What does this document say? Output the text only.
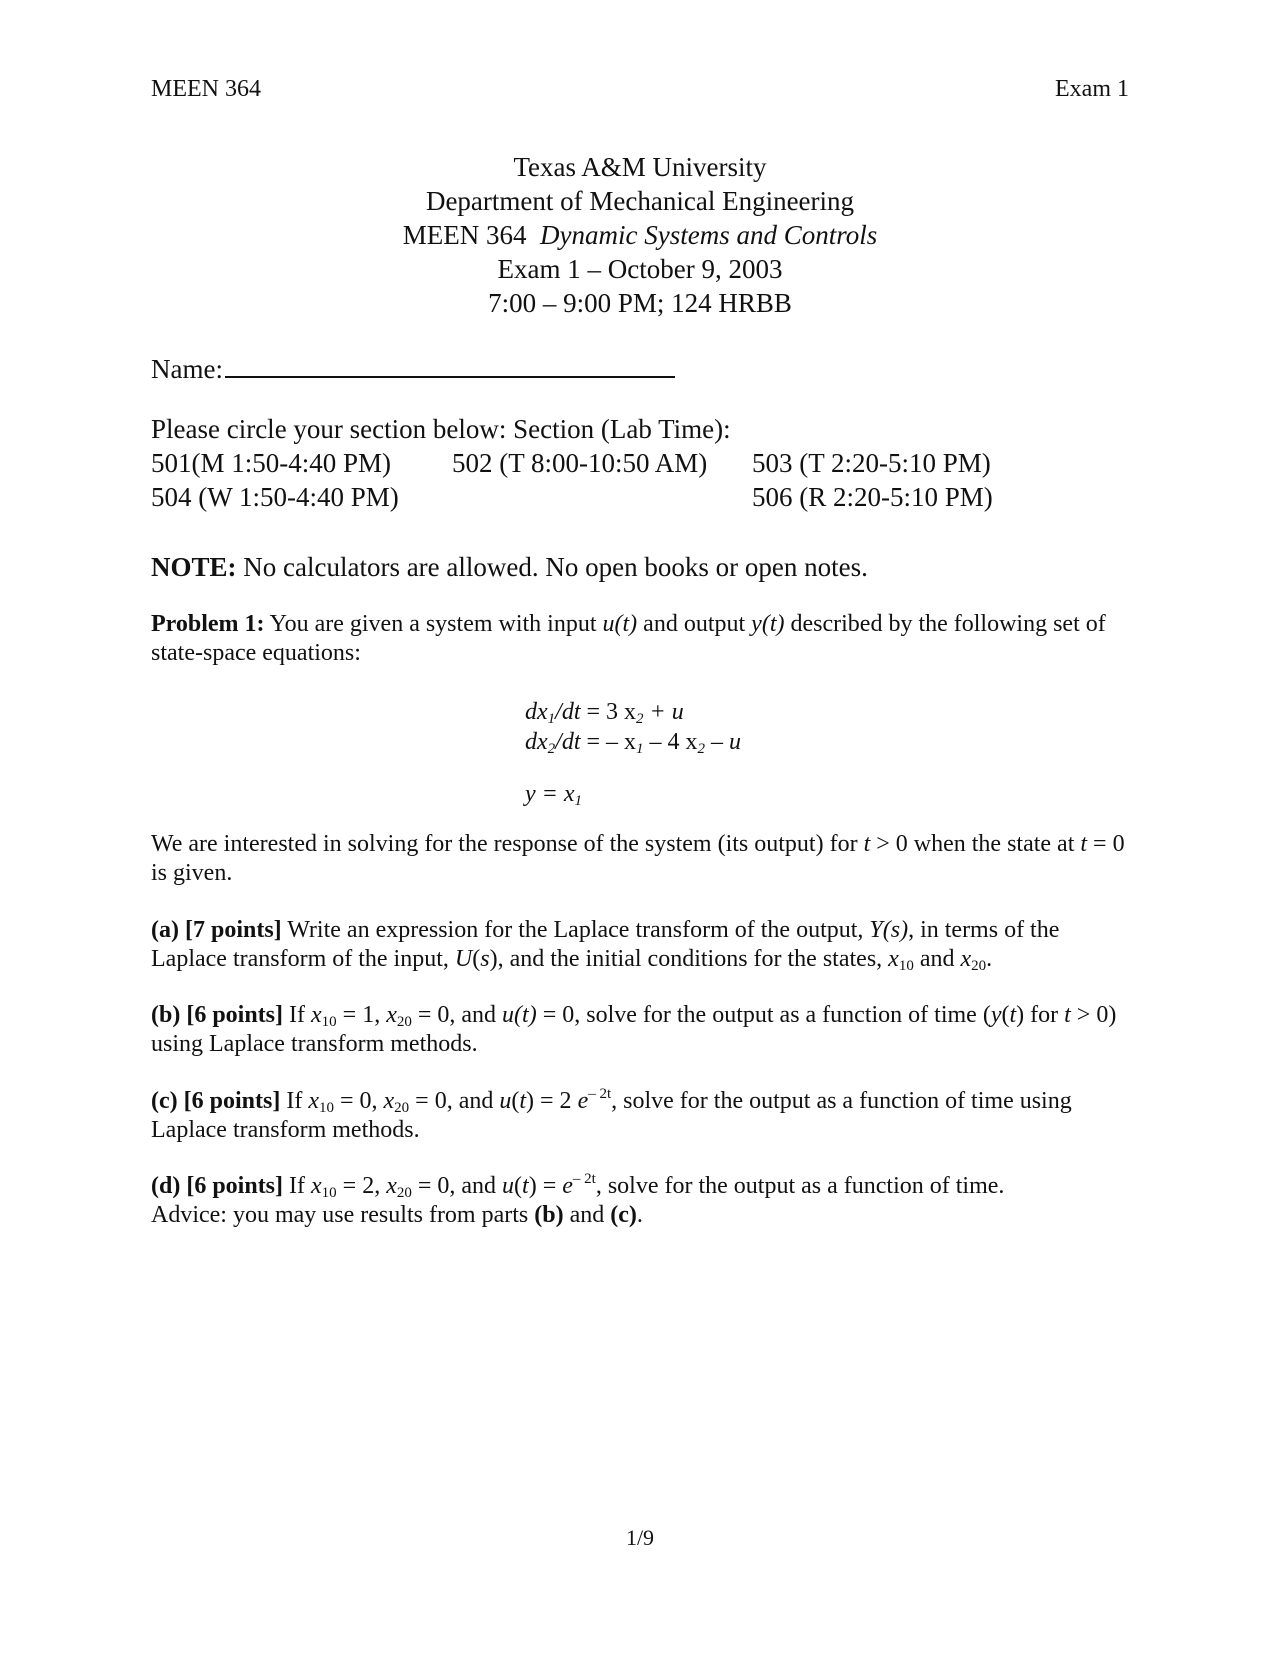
MEEN 364	Exam 1
Texas A&M University
Department of Mechanical Engineering
MEEN 364 Dynamic Systems and Controls
Exam 1 – October 9, 2003
7:00 – 9:00 PM; 124 HRBB
Name:
Please circle your section below: Section (Lab Time):
501(M 1:50-4:40 PM) 502 (T 8:00-10:50 AM) 503 (T 2:20-5:10 PM)
504 (W 1:50-4:40 PM)	506 (R 2:20-5:10 PM)
NOTE: No calculators are allowed. No open books or open notes.
Problem 1: You are given a system with input u(t) and output y(t) described by the following set of state-space equations:
$dx_1/dt = 3$ $x_2 + u$
$dx_2/dt$ = – $x_1 - 4$ $x_2$ – u
$y = x_1$
We are interested in solving for the response of the system (its output) for t > 0 when the state at t = 0 is given.
(a) [7 points] Write an expression for the Laplace transform of the output, Y(s), in terms of the Laplace transform of the input, U(s), and the initial conditions for the states, $x_{10}$ and $x_{20}$.
(b) [6 points] If $x_{10} = 1$, $x_{20} = 0$, and u(t) = 0, solve for the output as a function of time (y(t) for t > 0) using Laplace transform methods.
(c) [6 points] If $x_{10} = 0$, $x_{20} = 0$, and u(t) = 2 $e^{- 2t}$, solve for the output as a function of time using Laplace transform methods.
(d) [6 points] If $x_{10} = 2$, $x_{20} = 0$, and $u(t) = e^{- 2t}$, solve for the output as a function of time.
Advice: you may use results from parts (b) and (c).
1/9
